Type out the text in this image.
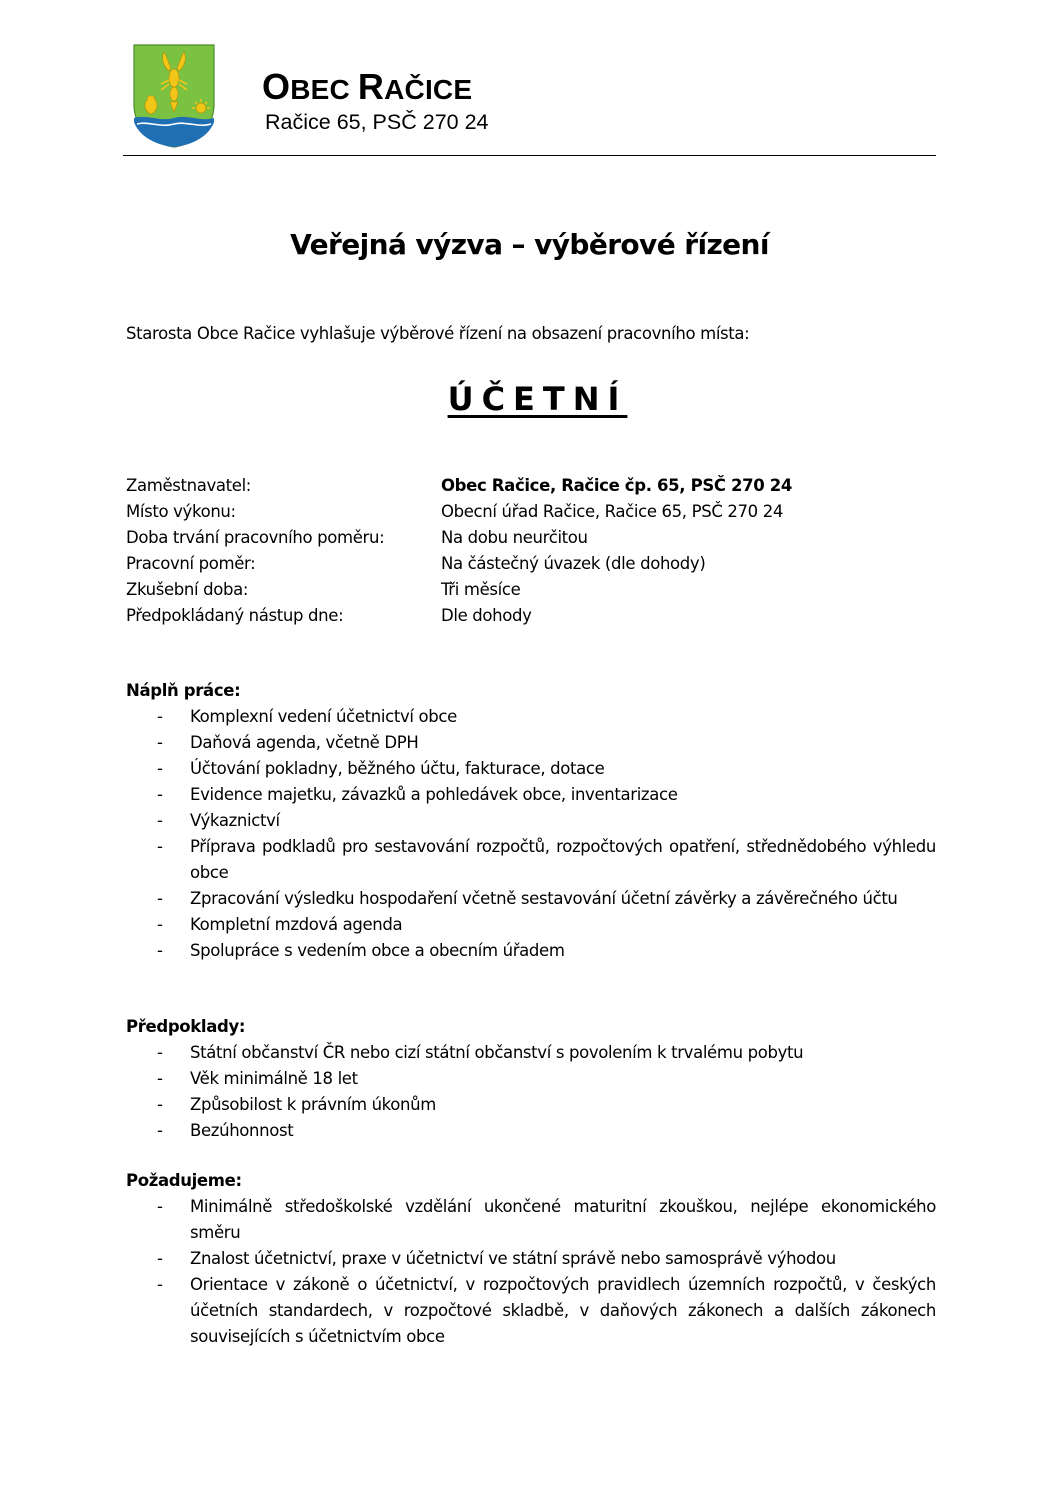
OBEC RAČICE
Račice 65, PSČ 270 24
Veřejná výzva – výběrové řízení
Starosta Obce Račice vyhlašuje výběrové řízení na obsazení pracovního místa:
ÚČETNÍ
Zaměstnavatel:	Obec Račice, Račice čp. 65, PSČ 270 24
Místo výkonu:	Obecní úřad Račice, Račice 65, PSČ 270 24
Doba trvání pracovního poměru:	Na dobu neurčitou
Pracovní poměr:	Na částečný úvazek (dle dohody)
Zkušební doba:	Tři měsíce
Předpokládaný nástup dne:	Dle dohody

Náplň práce:

- Komplexní vedení účetnictví obce
- Daňová agenda, včetně DPH
- Účtování pokladny, běžného účtu, fakturace, dotace
- Evidence majetku, závazků a pohledávek obce, inventarizace
- Výkaznictví
- Příprava podkladů pro sestavování rozpočtů, rozpočtových opatření, střednědobého výhledu obce
- Zpracování výsledku hospodaření včetně sestavování účetní závěrky a závěrečného účtu
- Kompletní mzdová agenda
- Spolupráce s vedením obce a obecním úřadem

Předpoklady:

- Státní občanství ČR nebo cizí státní občanství s povolením k trvalému pobytu
- Věk minimálně 18 let
- Způsobilost k právním úkonům
- Bezúhonnost

Požadujeme:

- Minimálně středoškolské vzdělání ukončené maturitní zkouškou, nejlépe ekonomického směru
- Znalost účetnictví, praxe v účetnictví ve státní správě nebo samosprávě výhodou
- Orientace v zákoně o účetnictví, v rozpočtových pravidlech územních rozpočtů, v českých účetních standardech, v rozpočtové skladbě, v daňových zákonech a dalších zákonech souvisejících s účetnictvím obce
